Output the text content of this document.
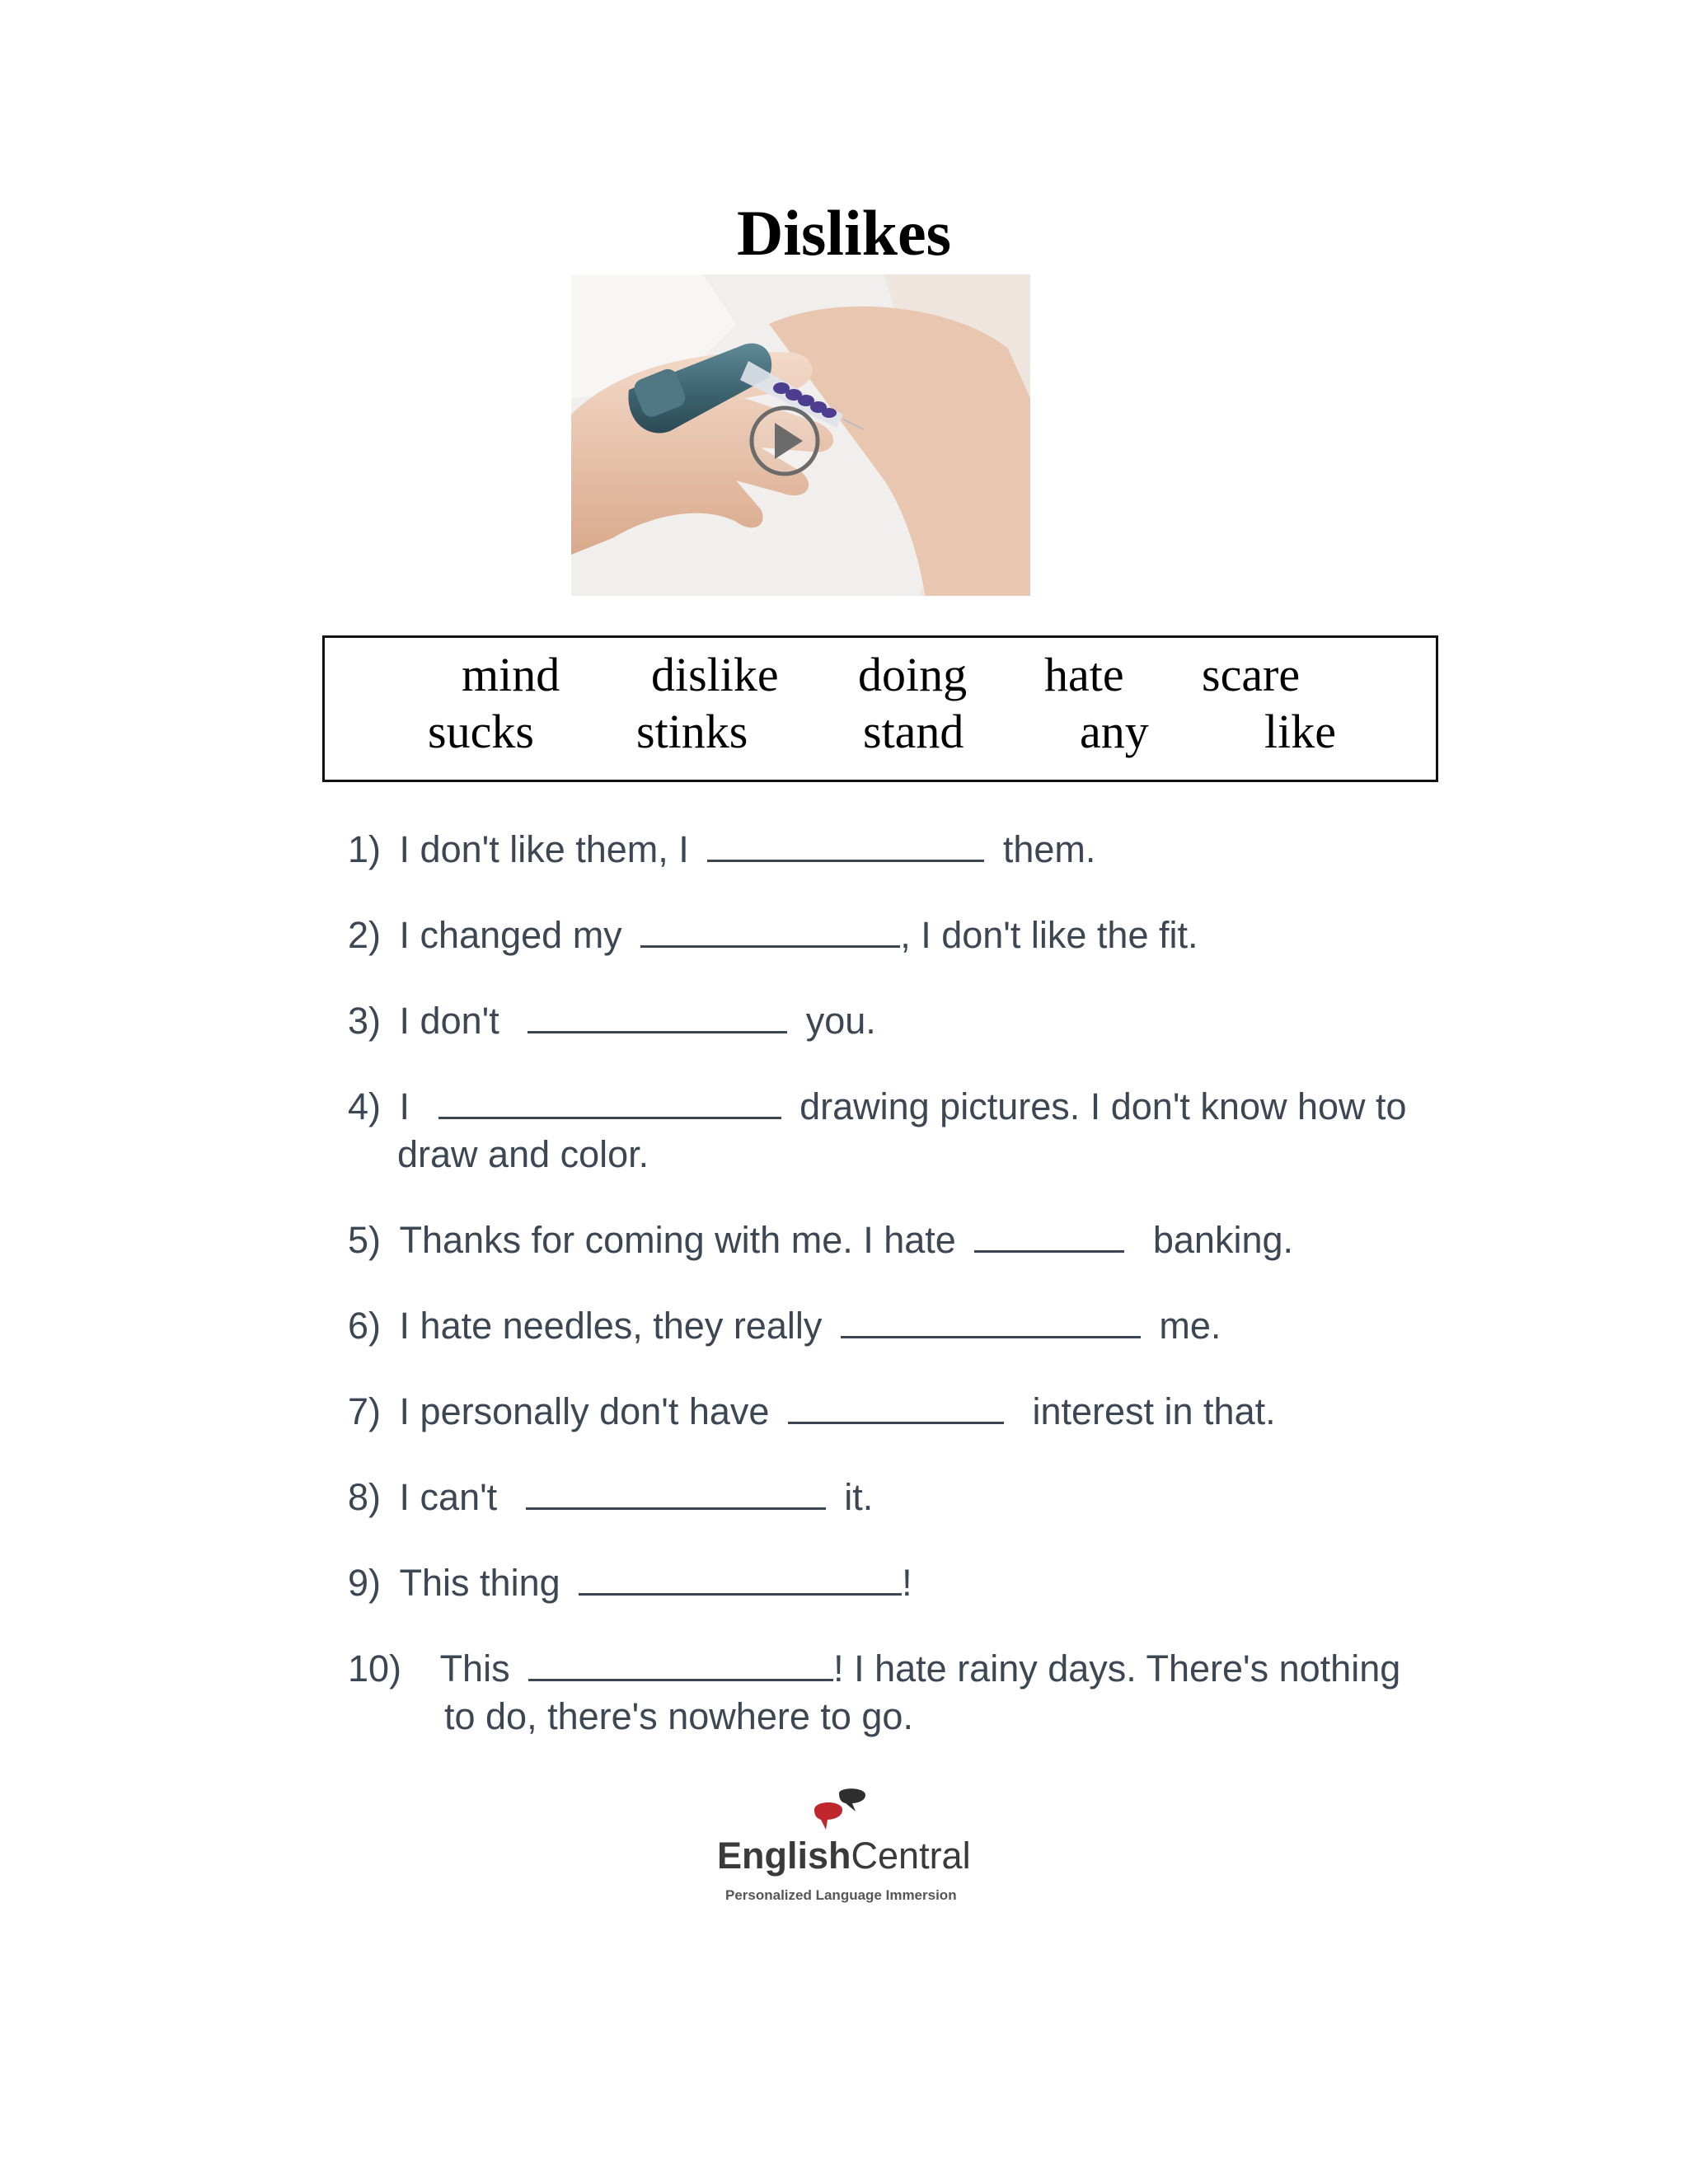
Dislikes
mind dislike doing hate scare
sucks stinks stand any like
1) I don't like them, I	them.
2) I changed my	, I don't like the fit.
3) I don't	you.
4) I	drawing pictures. I don't know how to
draw and color.
5) Thanks for coming with me. I hate	banking.
6) I hate needles, they really	me.
7) I personally don't have	interest in that.
8) I can't	it.
9) This thing	!
10) This	! I hate rainy days. There's nothing
to do, there's nowhere to go.
EnglishCentral
Personalized Language Immersion
